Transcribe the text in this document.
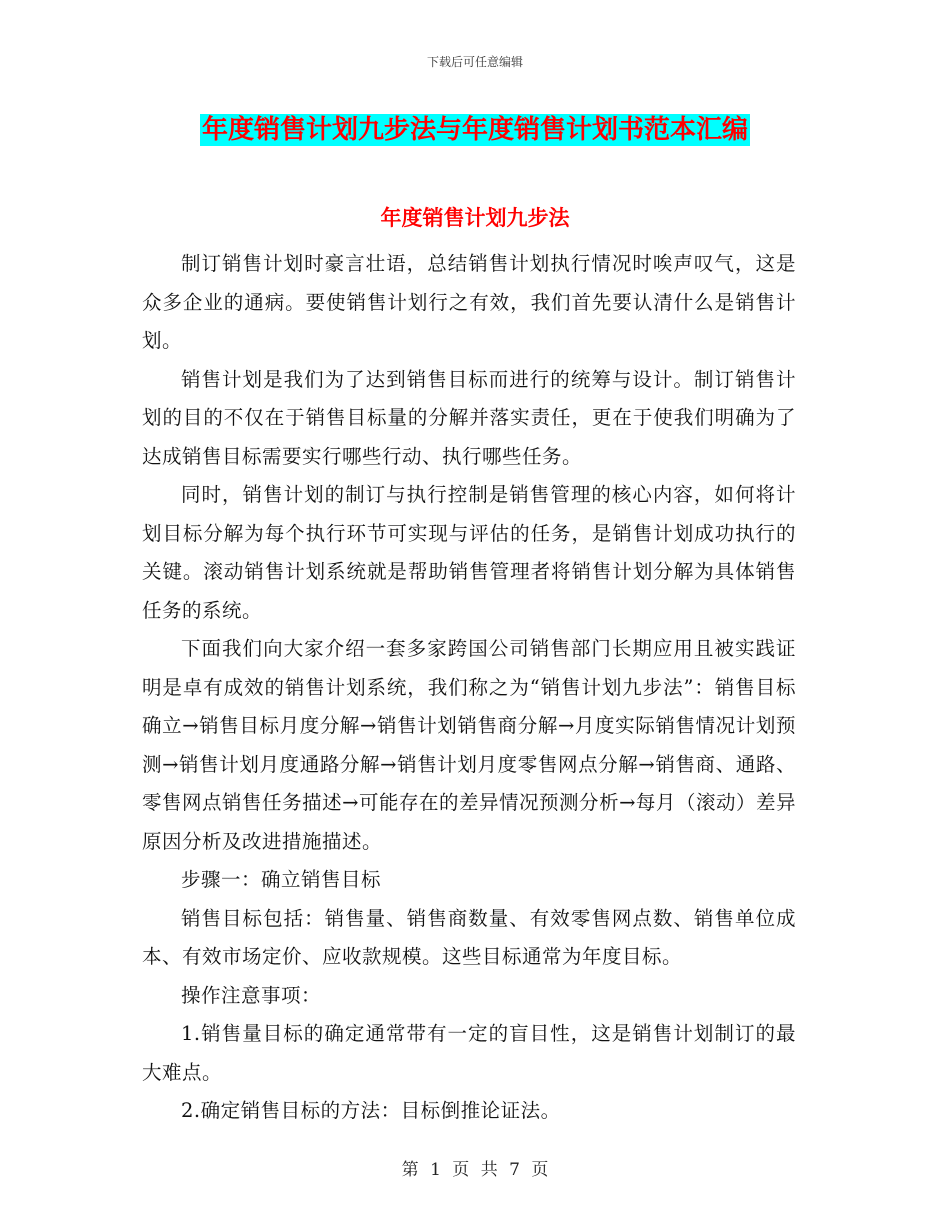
下载后可任意编辑
年度销售计划九步法与年度销售计划书范本汇编
年度销售计划九步法

制订销售计划时豪言壮语，总结销售计划执行情况时唉声叹气，这是众多企业的通病。要使销售计划行之有效，我们首先要认清什么是销售计划。

销售计划是我们为了达到销售目标而进行的统筹与设计。制订销售计划的目的不仅在于销售目标量的分解并落实责任，更在于使我们明确为了达成销售目标需要实行哪些行动、执行哪些任务。

同时，销售计划的制订与执行控制是销售管理的核心内容，如何将计划目标分解为每个执行环节可实现与评估的任务，是销售计划成功执行的关键。滚动销售计划系统就是帮助销售管理者将销售计划分解为具体销售任务的系统。

下面我们向大家介绍一套多家跨国公司销售部门长期应用且被实践证明是卓有成效的销售计划系统，我们称之为“销售计划九步法”：销售目标确立→销售目标月度分解→销售计划销售商分解→月度实际销售情况计划预测→销售计划月度通路分解→销售计划月度零售网点分解→销售商、通路、零售网点销售任务描述→可能存在的差异情况预测分析→每月（滚动）差异原因分析及改进措施描述。

步骤一：确立销售目标

销售目标包括：销售量、销售商数量、有效零售网点数、销售单位成本、有效市场定价、应收款规模。这些目标通常为年度目标。

操作注意事项：

1.销售量目标的确定通常带有一定的盲目性，这是销售计划制订的最大难点。

2.确定销售目标的方法：目标倒推论证法。

第 1 页 共 7 页
